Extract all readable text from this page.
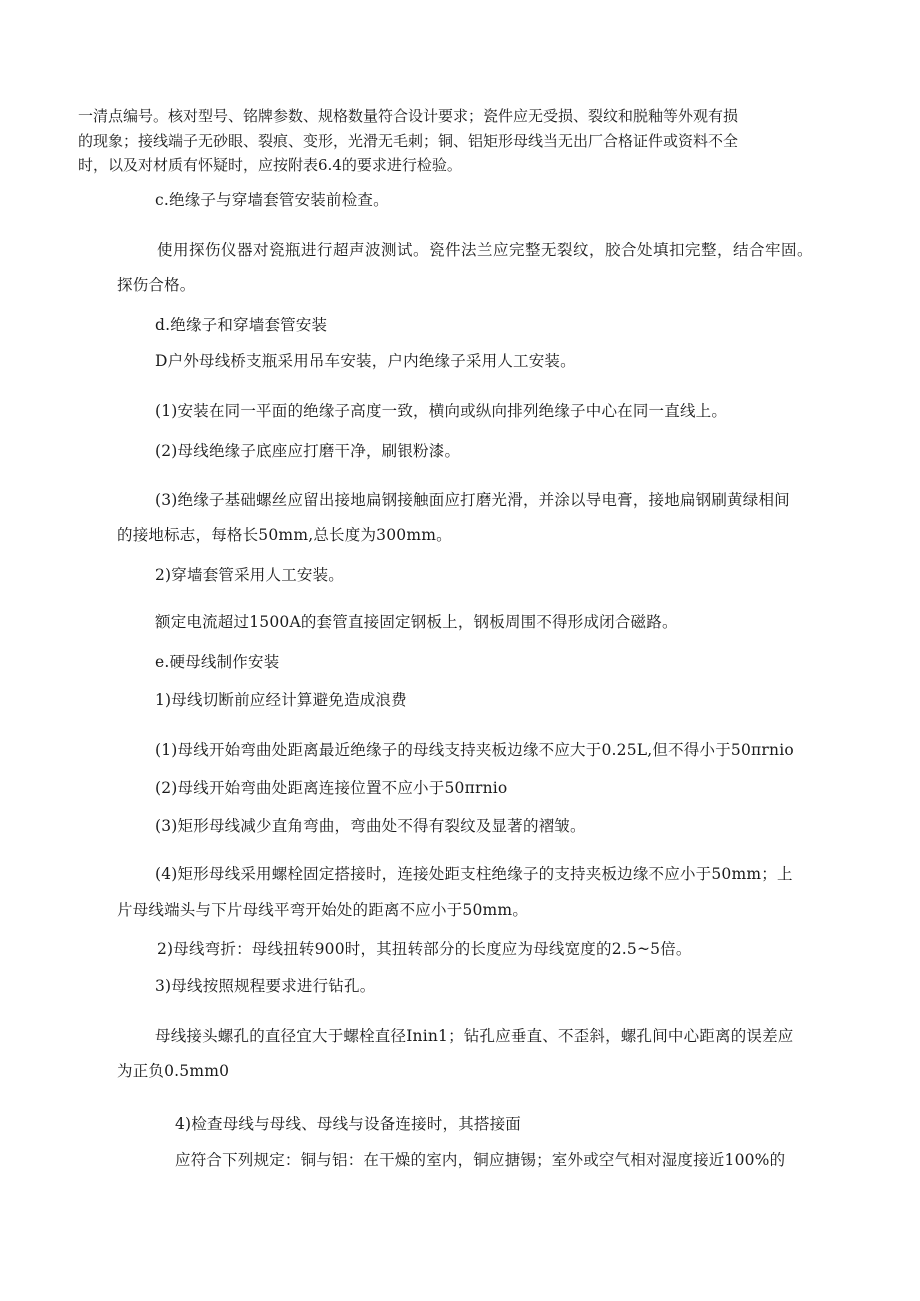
一清点编号。核对型号、铭牌参数、规格数量符合设计要求；瓷件应无受损、裂纹和脱釉等外观有损
的现象；接线端子无砂眼、裂痕、变形，光滑无毛刺；铜、铝矩形母线当无出厂合格证件或资料不全
时，以及对材质有怀疑时，应按附表6.4的要求进行检验。
c.绝缘子与穿墙套管安装前检查。
使用探伤仪器对瓷瓶进行超声波测试。瓷件法兰应完整无裂纹，胶合处填扣完整，结合牢固。
探伤合格。
d.绝缘子和穿墙套管安装
D户外母线桥支瓶采用吊车安装，户内绝缘子采用人工安装。
(1)安装在同一平面的绝缘子高度一致，横向或纵向排列绝缘子中心在同一直线上。
(2)母线绝缘子底座应打磨干净，刷银粉漆。
(3)绝缘子基础螺丝应留出接地扁钢接触面应打磨光滑，并涂以导电膏，接地扁钢刷黄绿相间
的接地标志，每格长50mm,总长度为300mm。
2)穿墙套管采用人工安装。
额定电流超过1500A的套管直接固定钢板上，钢板周围不得形成闭合磁路。
e.硬母线制作安装
1)母线切断前应经计算避免造成浪费
(1)母线开始弯曲处距离最近绝缘子的母线支持夹板边缘不应大于0.25L,但不得小于50πrnio
(2)母线开始弯曲处距离连接位置不应小于50πrnio
(3)矩形母线减少直角弯曲，弯曲处不得有裂纹及显著的褶皱。
(4)矩形母线采用螺栓固定搭接时，连接处距支柱绝缘子的支持夹板边缘不应小于50mm；上
片母线端头与下片母线平弯开始处的距离不应小于50mm。
2)母线弯折：母线扭转900时，其扭转部分的长度应为母线宽度的2.5~5倍。
3)母线按照规程要求进行钻孔。
母线接头螺孔的直径宜大于螺栓直径Inin1；钻孔应垂直、不歪斜，螺孔间中心距离的误差应
为正负0.5mm0
4)检查母线与母线、母线与设备连接时，其搭接面
应符合下列规定：铜与铝：在干燥的室内，铜应搪锡；室外或空气相对湿度接近100%的
